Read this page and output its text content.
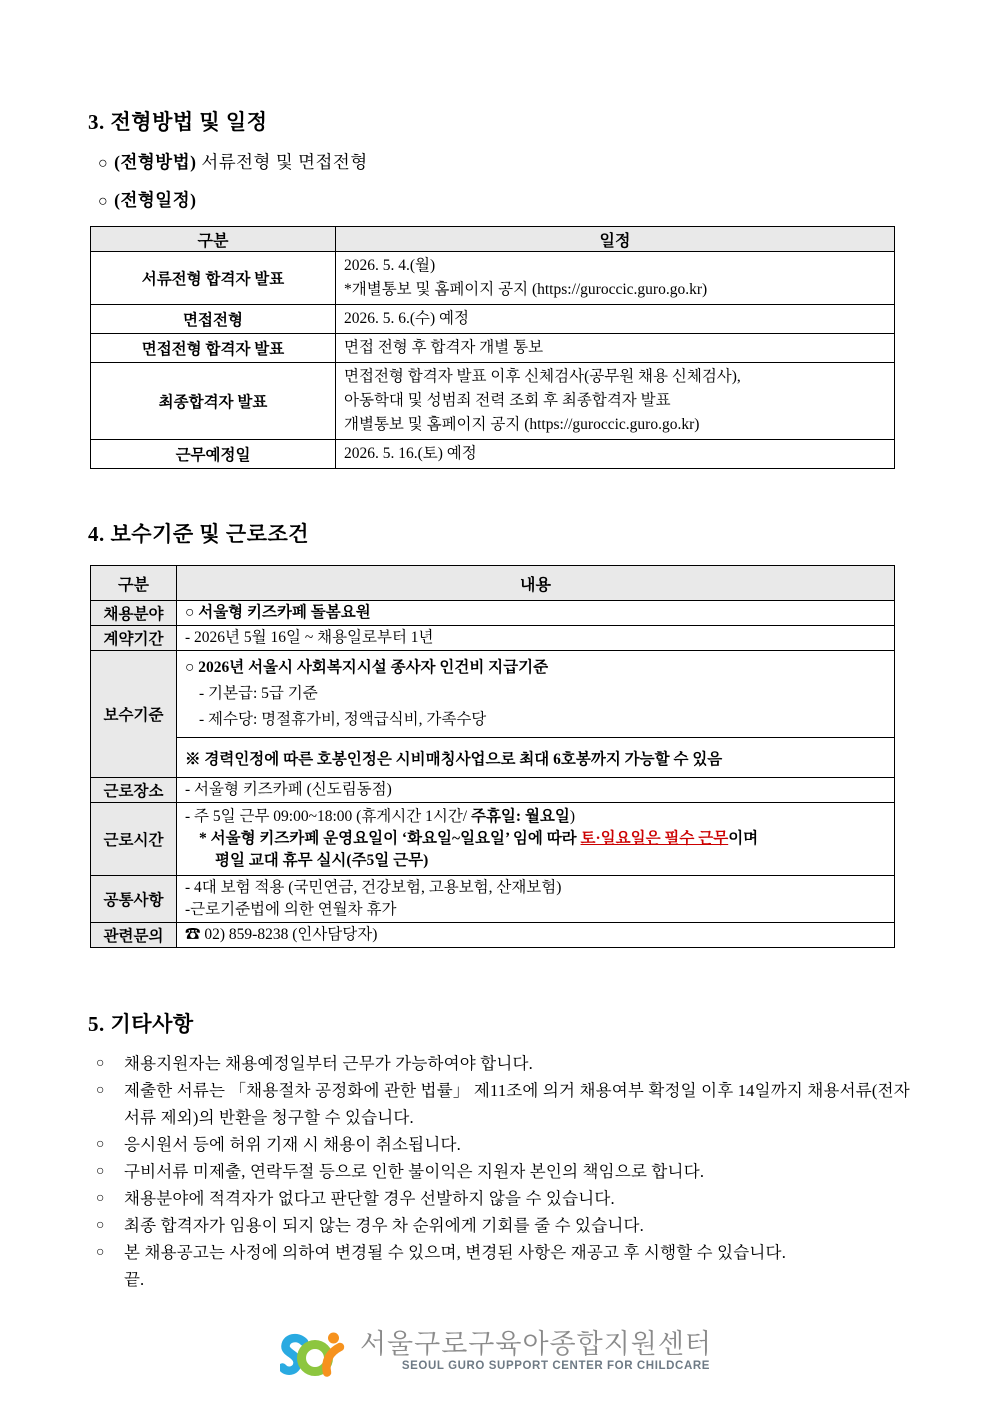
3. 전형방법 및 일정
○ (전형방법) 서류전형 및 면접전형
○ (전형일정)
구분	일정
서류전형 합격자 발표	2026. 5. 4.(월)
*개별통보 및 홈페이지 공지 (https://guroccic.guro.go.kr)

면접전형	2026. 5. 6.(수) 예정

면접전형 합격자 발표	면접 전형 후 합격자 개별 통보

최종합격자 발표	면접전형 합격자 발표 이후 신체검사(공무원 채용 신체검사),
아동학대 및 성범죄 전력 조회 후 최종합격자 발표
개별통보 및 홈페이지 공지 (https://guroccic.guro.go.kr)

근무예정일	2026. 5. 16.(토) 예정
4. 보수기준 및 근로조건
구분	내용
채용분야	○ 서울형 키즈카페 돌봄요원

계약기간	- 2026년 5월 16일 ~ 채용일로부터 1년

보수기준	○ 2026년 서울시 사회복지시설 종사자 인건비 지급기준
- 기본급: 5급 기준
- 제수당: 명절휴가비, 정액급식비, 가족수당

	※ 경력인정에 따른 호봉인정은 시비매칭사업으로 최대 6호봉까지 가능할 수 있음
근로장소	- 서울형 키즈카페 (신도림동점)

근로시간	- 주 5일 근무 09:00~18:00 (휴게시간 1시간/ 주휴일: 월요일)
* 서울형 키즈카페 운영요일이 ‘화요일~일요일’ 임에 따라 토·일요일은 필수 근무이며
평일 교대 휴무 실시(주5일 근무)

공통사항	- 4대 보험 적용 (국민연금, 건강보험, 고용보험, 산재보험)
-근로기준법에 의한 연월차 휴가

관련문의	☎ 02) 859-8238 (인사담당자)
5. 기타사항
○	채용지원자는 채용예정일부터 근무가 가능하여야 합니다.
○	제출한 서류는 「채용절차 공정화에 관한 법률」 제11조에 의거 채용여부 확정일 이후 14일까지 채용서류(전자서류 제외)의 반환을 청구할 수 있습니다.
○	응시원서 등에 허위 기재 시 채용이 취소됩니다.
○	구비서류 미제출, 연락두절 등으로 인한 불이익은 지원자 본인의 책임으로 합니다.
○	채용분야에 적격자가 없다고 판단할 경우 선발하지 않을 수 있습니다.
○	최종 합격자가 임용이 되지 않는 경우 차 순위에게 기회를 줄 수 있습니다.
○	본 채용공고는 사정에 의하여 변경될 수 있으며, 변경된 사항은 재공고 후 시행할 수 있습니다.
끝.
서울구로구육아종합지원센터
SEOUL GURO SUPPORT CENTER FOR CHILDCARE
